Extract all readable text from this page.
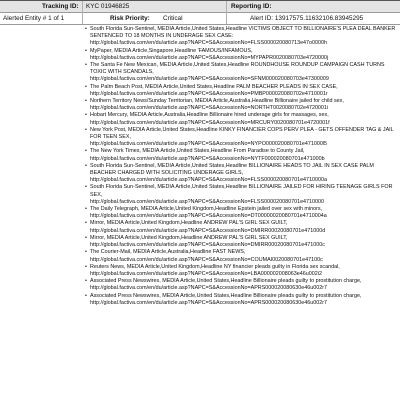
Tracking ID: KYC 01946825	Reporting ID:
Alerted Entity # 1 of 1	Risk Priority: Critical	Alert ID: 13917575.11632106.83945295
• South Florida Sun-Sentinel, MEDIA Article,United States,Headline VICTIMS OBJECT TO BILLIONAIRE'S PLEA DEAL BANKER SENTENCED TO 18 MONTHS IN UNDERAGE SEX CASE:
http://global.factiva.com/en/du/article.asp?NAPC=S&AccessionNo=FLSS000020080713e47o0000h
• MyPaper, MEDIA Article,Singapore,Headline 'FAMOUS/INFAMOUS,
http://global.factiva.com/en/du/article.asp?NAPC=S&AccessionNo=MYPAPR0020080703e4720000j
• The Santa Fe New Mexican, MEDIA Article,United States,Headline ROUNDHOUSE ROUNDUP CAMPAIGN CASH TURNS TOXIC WITH SCANDALS,
http://global.factiva.com/en/du/article.asp?NAPC=S&AccessionNo=SFNM000020080703e47300009
• The Palm Beach Post, MEDIA Article,United States,Headline PALM BEACHER PLEADS IN SEX CASE,
http://global.factiva.com/en/du/article.asp?NAPC=S&AccessionNo=PMBP000020080702e4710001r
• Northern Territory News/Sunday Territorian, MEDIA Article,Australia,Headline Billionaire jailed for child sex,
http://global.factiva.com/en/du/article.asp?NAPC=S&AccessionNo=NORTHT0020080702e4720001i
• Hobart Mercury, MEDIA Article,Australia,Headline Billionaire hired underage girls for massages, sex,
http://global.factiva.com/en/du/article.asp?NAPC=S&AccessionNo=MRCURY0020080701e4720001f
• New York Post, MEDIA Article,United States,Headline KINKY FINANCIER COPS PERV PLEA - GETS OFFENDER TAG & JAIL FOR TEEN SEX,
http://global.factiva.com/en/du/article.asp?NAPC=S&AccessionNo=NYPO000020080701e471000l5
• The New York Times, MEDIA Article,United States,Headline From Paradise to County Jail,
http://global.factiva.com/en/du/article.asp?NAPC=S&AccessionNo=NYTF000020080701e471000b
• South Florida Sun-Sentinel, MEDIA Article,United States,Headline BILLIONAIRE HEADS TO JAIL IN SEX CASE PALM BEACHER CHARGED WITH SOLICITING UNDERAGE GIRLS,
http://global.factiva.com/en/du/article.asp?NAPC=S&AccessionNo=FLSS000020080701e4710000a
• South Florida Sun-Sentinel, MEDIA Article,United States,Headline BILLIONAIRE JAILED FOR HIRING TEENAGE GIRLS FOR SEX,
http://global.factiva.com/en/du/article.asp?NAPC=S&AccessionNo=FLSS000020080701e4710000
• The Daily Telegraph, MEDIA Article,United Kingdom,Headline Epstein jailed over sex with minors,
http://global.factiva.com/en/du/article.asp?NAPC=S&AccessionNo=DT00000020080701e4710004a
• Mirror, MEDIA Article,United Kingdom,Headline ANDREW PAL'S GIRL SEX GUILT,
http://global.factiva.com/en/du/article.asp?NAPC=S&AccessionNo=DMIRR00020080701e471000d
• Mirror, MEDIA Article,United Kingdom,Headline ANDREW PAL'S GIRL SEX GUILT,
http://global.factiva.com/en/du/article.asp?NAPC=S&AccessionNo=DMIRR00020080701e471000c
• The Courier-Mail, MEDIA Article,Australia,Headline FAST NEWS,
http://global.factiva.com/en/du/article.asp?NAPC=S&AccessionNo=COUMAI0020080701e47100c
• Reuters News, MEDIA Article,United Kingdom,Headline NY financier pleads guilty in Florida sex scandal,
http://global.factiva.com/en/du/article.asp?NAPC=S&AccessionNo=LBA000002008063e46u002i2
• Associated Press Newswires, MEDIA Article,United States,Headline Billionaire pleads guilty to prostitution charge,
http://global.factiva.com/en/du/article.asp?NAPC=S&AccessionNo=APRS000020080630e46u002r7
• Associated Press Newswires, MEDIA Article,United States,Headline Billionaire pleads guilty to prostitution charge,
http://global.factiva.com/en/du/article.asp?NAPC=S&AccessionNo=APRS000020080630e46u002r7
